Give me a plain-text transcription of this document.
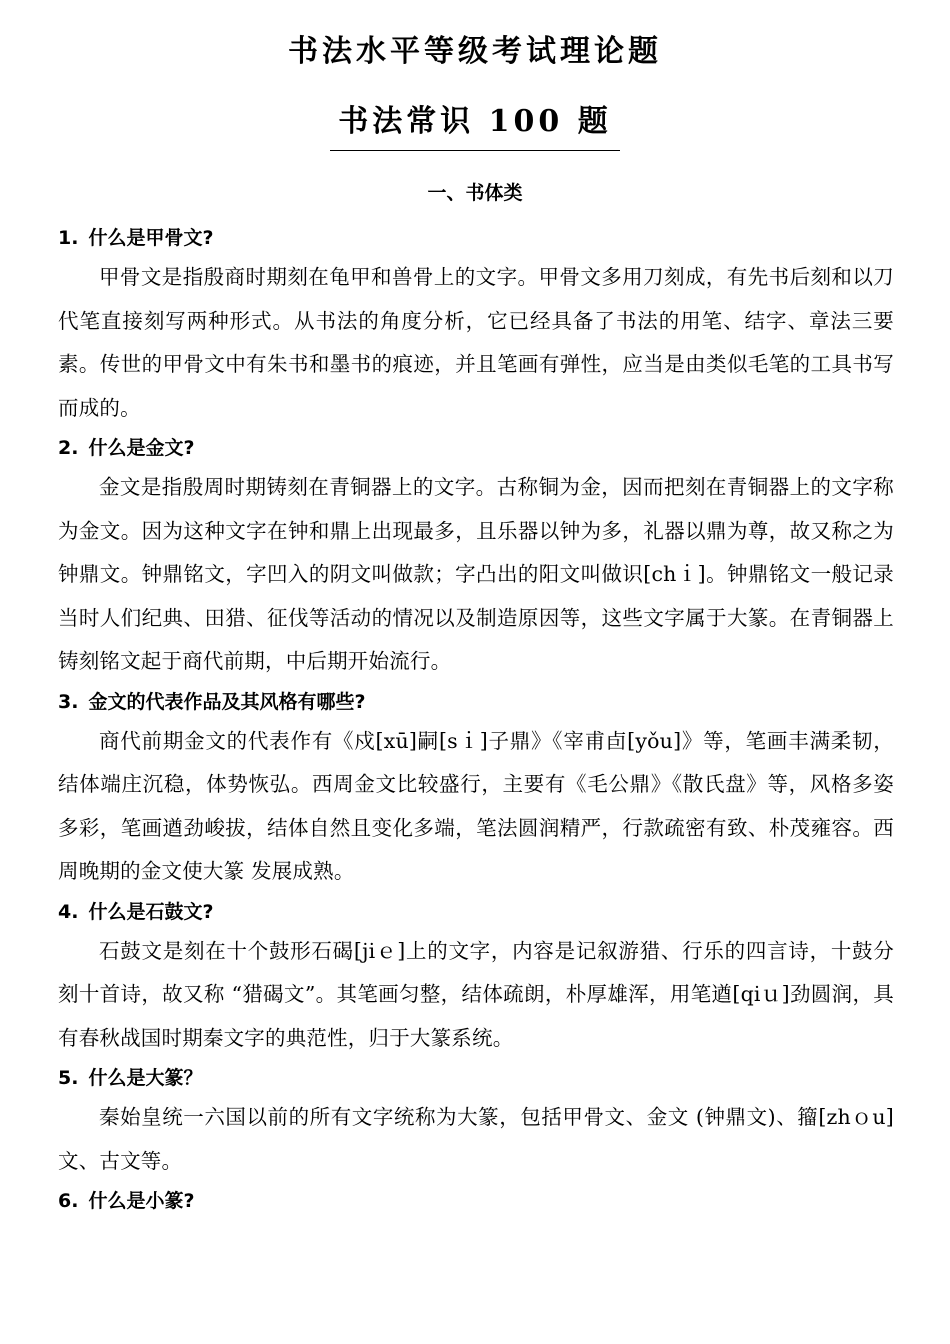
书法水平等级考试理论题
书法常识 100 题
一、书体类

1. 什么是甲骨文?

甲骨文是指殷商时期刻在龟甲和兽骨上的文字。甲骨文多用刀刻成，有先书后刻和以刀代笔直接刻写两种形式。从书法的角度分析，它已经具备了书法的用笔、结字、章法三要素。传世的甲骨文中有朱书和墨书的痕迹，并且笔画有弹性，应当是由类似毛笔的工具书写而成的。

2. 什么是金文?

金文是指殷周时期铸刻在青铜器上的文字。古称铜为金，因而把刻在青铜器上的文字称为金文。因为这种文字在钟和鼎上出现最多，且乐器以钟为多，礼器以鼎为尊，故又称之为钟鼎文。钟鼎铭文，字凹入的阴文叫做款；字凸出的阳文叫做识[chｉ]。钟鼎铭文一般记录当时人们纪典、田猎、征伐等活动的情况以及制造原因等，这些文字属于大篆。在青铜器上铸刻铭文起于商代前期，中后期开始流行。

3. 金文的代表作品及其风格有哪些?

商代前期金文的代表作有《戍[xū]嗣[sｉ]子鼎》《宰甫卣[yǒu]》等，笔画丰满柔韧，结体端庄沉稳，体势恢弘。西周金文比较盛行，主要有《毛公鼎》《散氏盘》等，风格多姿多彩，笔画遒劲峻拔，结体自然且变化多端，笔法圆润精严，行款疏密有致、朴茂雍容。西周晚期的金文使大篆 发展成熟。

4. 什么是石鼓文?

石鼓文是刻在十个鼓形石碣[jiｅ]上的文字，内容是记叙游猎、行乐的四言诗，十鼓分刻十首诗，故又称 “猎碣文”。其笔画匀整，结体疏朗，朴厚雄浑，用笔遒[qiｕ]劲圆润，具有春秋战国时期秦文字的典范性，归于大篆系统。

5. 什么是大篆？

秦始皇统一六国以前的所有文字统称为大篆，包括甲骨文、金文 (钟鼎文)、籀[zhｏu]文、古文等。

6. 什么是小篆?
